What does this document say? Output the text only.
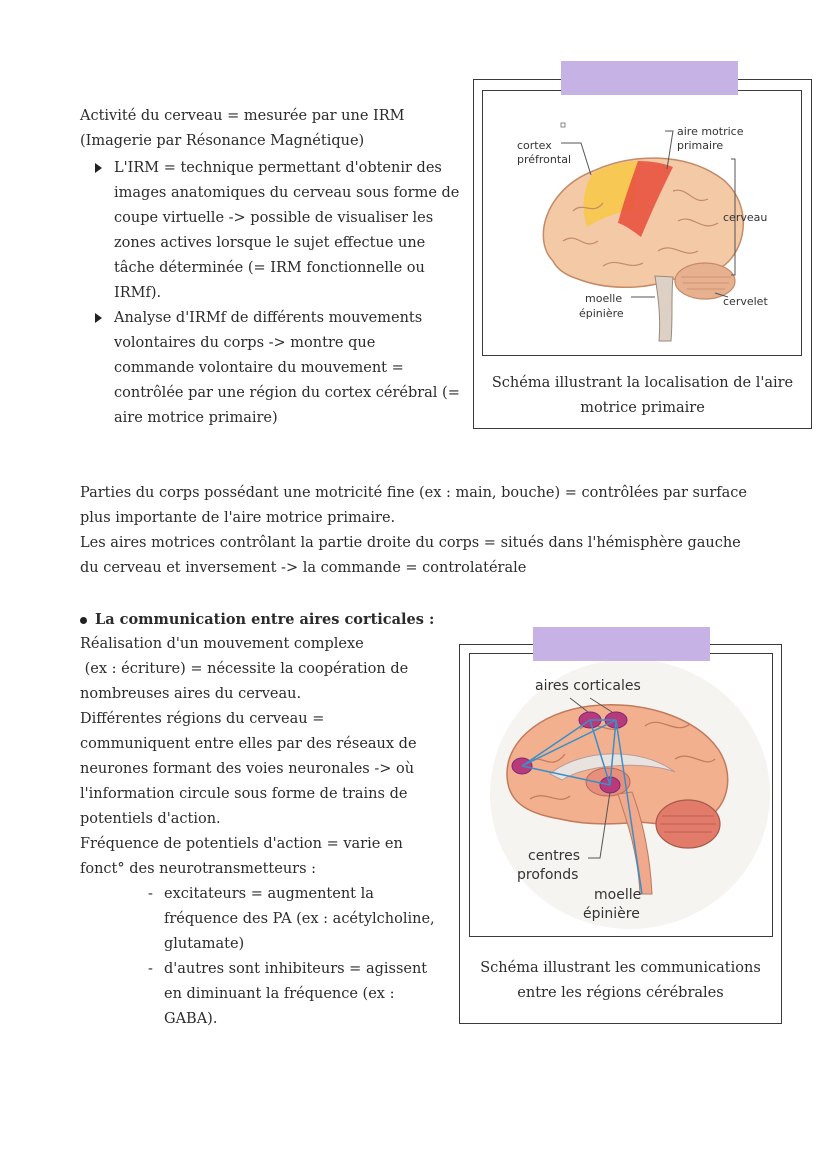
Activité du cerveau = mesurée par une IRM
(Imagerie par Résonance Magnétique)
L'IRM = technique permettant d'obtenir des images anatomiques du cerveau sous forme de coupe virtuelle -> possible de visualiser les zones actives lorsque le sujet effectue une tâche déterminée (= IRM fonctionnelle ou IRMf).
Analyse d'IRMf de différents mouvements volontaires du corps -> montre que commande volontaire du mouvement = contrôlée par une région du cortex cérébral (= aire motrice primaire)
cortex
préfrontal
aire motrice
primaire
cerveau
moelle
épinière
cervelet
Schéma illustrant la localisation de l'aire
motrice primaire
Parties du corps possédant une motricité fine (ex : main, bouche) = contrôlées par surface
plus importante de l'aire motrice primaire.
Les aires motrices contrôlant la partie droite du corps = situés dans l'hémisphère gauche
du cerveau et inversement -> la commande = controlatérale
La communication entre aires corticales :
Réalisation d'un mouvement complexe
(ex : écriture) = nécessite la coopération de
nombreuses aires du cerveau.
Différentes régions du cerveau =
communiquent entre elles par des réseaux de
neurones formant des voies neuronales -> où
l'information circule sous forme de trains de
potentiels d'action.
Fréquence de potentiels d'action = varie en
fonct° des neurotransmetteurs :
- excitateurs = augmentent la fréquence des PA (ex : acétylcholine, glutamate)
- d'autres sont inhibiteurs = agissent en diminuant la fréquence (ex : GABA).
aires corticales
centres
profonds
moelle
épinière
Schéma illustrant les communications
entre les régions cérébrales
